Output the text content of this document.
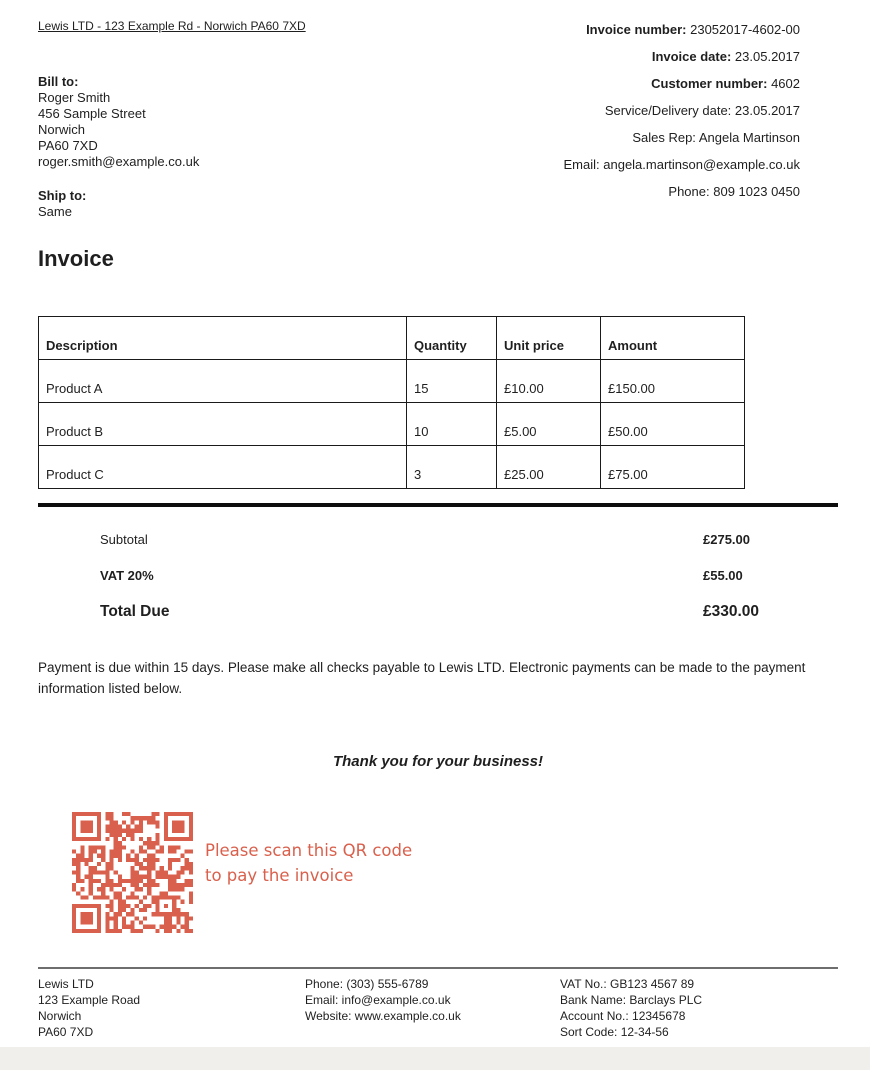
Lewis LTD - 123 Example Rd - Norwich PA60 7XD
Bill to:
Roger Smith
456 Sample Street
Norwich
PA60 7XD
roger.smith@example.co.uk
Ship to:
Same
Invoice number: 23052017-4602-00
Invoice date: 23.05.2017
Customer number: 4602
Service/Delivery date: 23.05.2017
Sales Rep: Angela Martinson
Email: angela.martinson@example.co.uk
Phone: 809 1023 0450
Invoice
Description	Quantity	Unit price	Amount
Product A	15	£10.00	£150.00
Product B	10	£5.00	£50.00
Product C	3	£25.00	£75.00
Subtotal	£275.00
VAT 20%	£55.00
Total Due	£330.00
Payment is due within 15 days. Please make all checks payable to Lewis LTD. Electronic payments can be made to the payment information listed below.
Thank you for your business!
Please scan this QR code
to pay the invoice
Lewis LTD
123 Example Road
Norwich
PA60 7XD
Phone: (303) 555-6789
Email: info@example.co.uk
Website: www.example.co.uk
VAT No.: GB123 4567 89
Bank Name: Barclays PLC
Account No.: 12345678
Sort Code: 12-34-56
